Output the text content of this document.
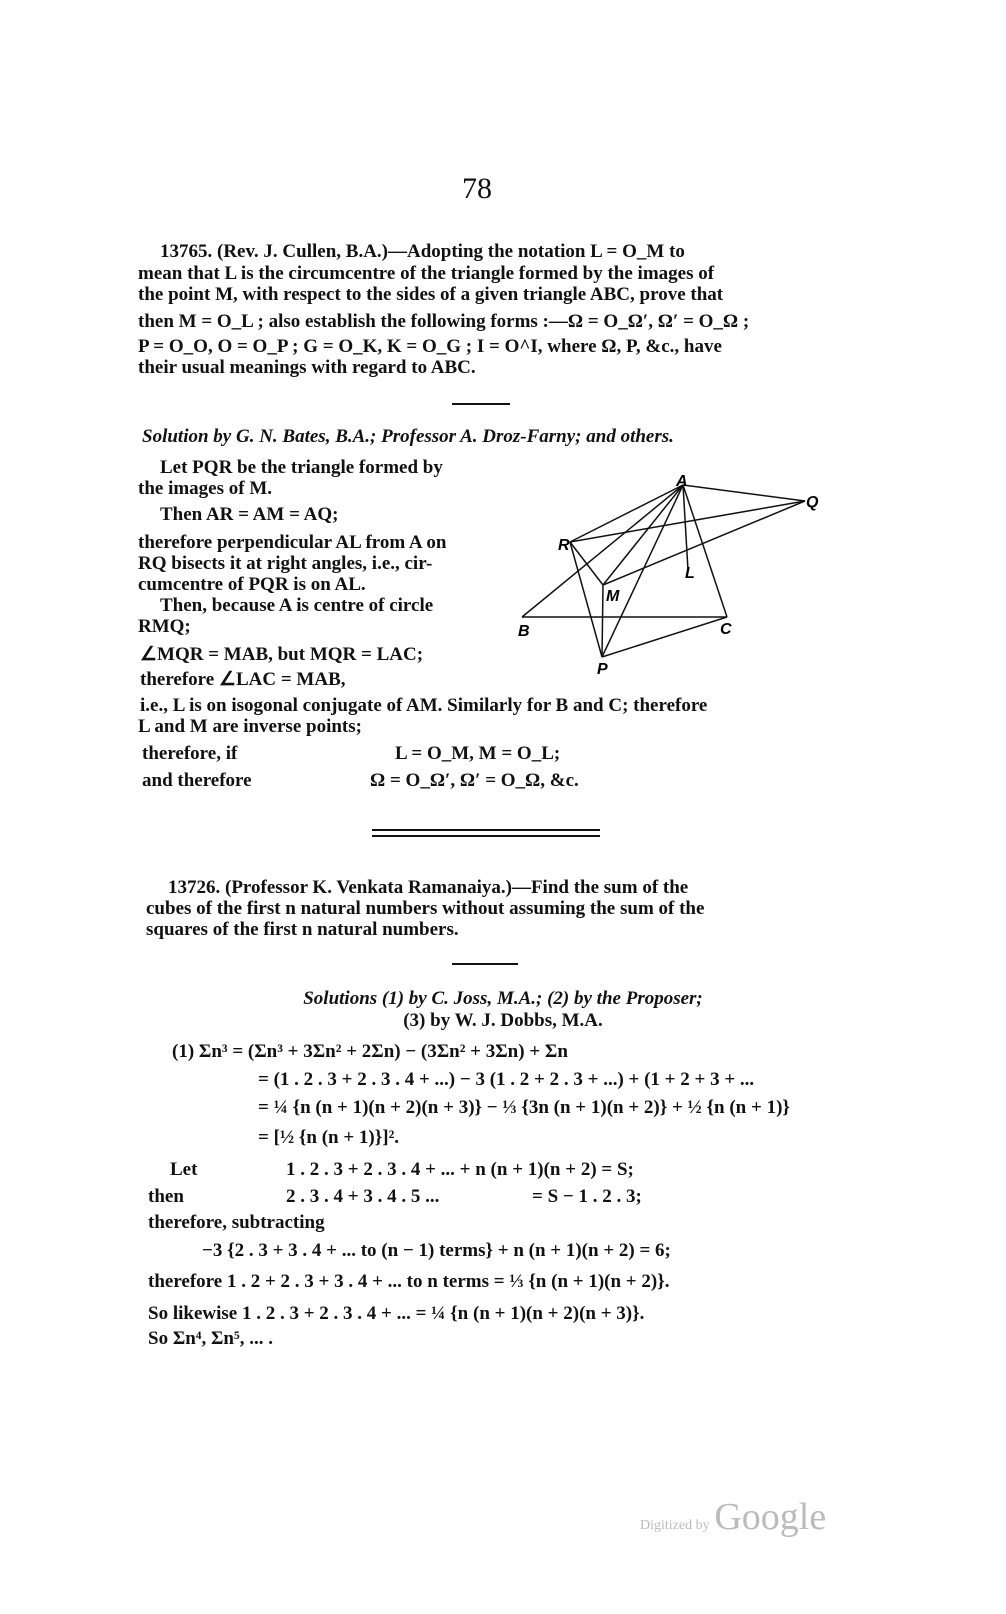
78
13765. (Rev. J. Cullen, B.A.)—Adopting the notation L = O_M to
mean that L is the circumcentre of the triangle formed by the images of
the point M, with respect to the sides of a given triangle ABC, prove that
then M = O_L ; also establish the following forms :—Ω = O_Ω′, Ω′ = O_Ω ;
P = O_O, O = O_P ; G = O_K, K = O_G ; I = O^I, where Ω, P, &c., have
their usual meanings with regard to ABC.
Solution by G. N. Bates, B.A.; Professor A. Droz-Farny; and others.
Let PQR be the triangle formed by
the images of M.
Then AR = AM = AQ;
therefore perpendicular AL from A on
RQ bisects it at right angles, i.e., cir-
cumcentre of PQR is on AL.
Then, because A is centre of circle
RMQ;
∠MQR = MAB, but MQR = LAC;
therefore ∠LAC = MAB,
i.e., L is on isogonal conjugate of AM. Similarly for B and C; therefore
L and M are inverse points;
therefore, if	L = O_M, M = O_L;
and therefore	Ω = O_Ω′, Ω′ = O_Ω, &c.
A
Q
R
L
M
B	C
P
13726. (Professor K. Venkata Ramanaiya.)—Find the sum of the
cubes of the first n natural numbers without assuming the sum of the
squares of the first n natural numbers.
Solutions (1) by C. Joss, M.A.; (2) by the Proposer;
(3) by W. J. Dobbs, M.A.
(1) Σn³ = (Σn³ + 3Σn² + 2Σn) − (3Σn² + 3Σn) + Σn
= (1 . 2 . 3 + 2 . 3 . 4 + ...) − 3 (1 . 2 + 2 . 3 + ...) + (1 + 2 + 3 + ...
= ¼ {n (n + 1)(n + 2)(n + 3)} − ⅓ {3n (n + 1)(n + 2)} + ½ {n (n + 1)}
= [½ {n (n + 1)}]².
Let	1 . 2 . 3 + 2 . 3 . 4 + ... + n (n + 1)(n + 2) = S;
then	2 . 3 . 4 + 3 . 4 . 5 ...	= S − 1 . 2 . 3;
therefore, subtracting
−3 {2 . 3 + 3 . 4 + ... to (n − 1) terms} + n (n + 1)(n + 2) = 6;
therefore 1 . 2 + 2 . 3 + 3 . 4 + ... to n terms = ⅓ {n (n + 1)(n + 2)}.
So likewise 1 . 2 . 3 + 2 . 3 . 4 + ... = ¼ {n (n + 1)(n + 2)(n + 3)}.
So Σn⁴, Σn⁵, ... .
Digitized by Google
